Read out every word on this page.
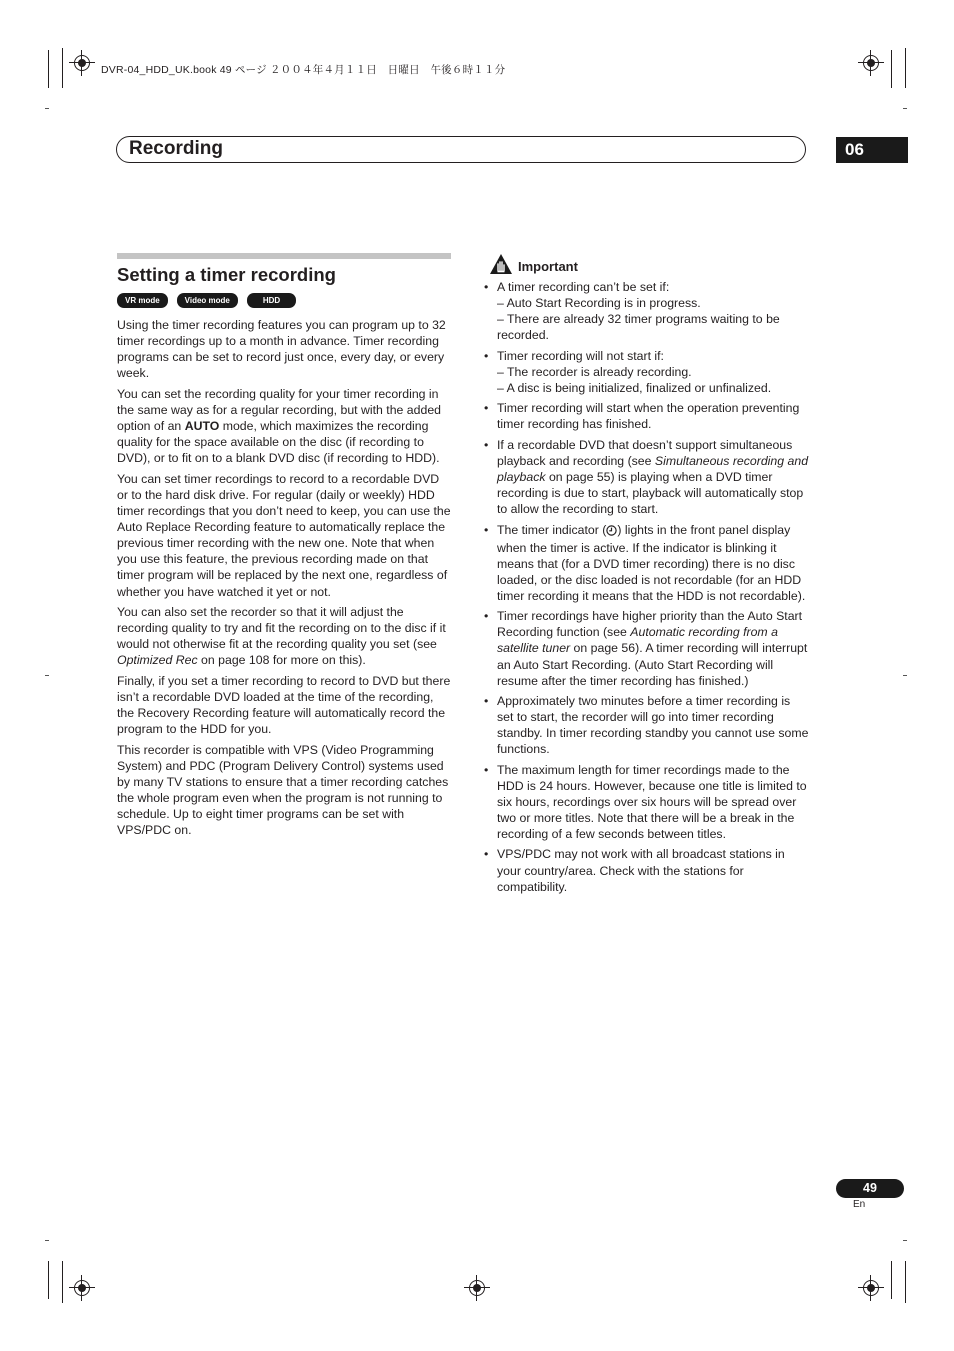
DVR-04_HDD_UK.book 49 ページ ２００４年４月１１日　日曜日　午後６時１１分
Recording	06
Setting a timer recording
VR mode	Video mode	HDD

Using the timer recording features you can program up to 32 timer recordings up to a month in advance. Timer recording programs can be set to record just once, every day, or every week.

You can set the recording quality for your timer recording in the same way as for a regular recording, but with the added option of an AUTO mode, which maximizes the recording quality for the space available on the disc (if recording to DVD), or to fit on to a blank DVD disc (if recording to HDD).

You can set timer recordings to record to a recordable DVD or to the hard disk drive. For regular (daily or weekly) HDD timer recordings that you don’t need to keep, you can use the Auto Replace Recording feature to automatically replace the previous timer recording with the new one. Note that when you use this feature, the previous recording made on that timer program will be replaced by the next one, regardless of whether you have watched it yet or not.

You can also set the recorder so that it will adjust the recording quality to try and fit the recording on to the disc if it would not otherwise fit at the recording quality you set (see Optimized Rec on page 108 for more on this).

Finally, if you set a timer recording to record to DVD but there isn’t a recordable DVD loaded at the time of the recording, the Recovery Recording feature will automatically record the program to the HDD for you.

This recorder is compatible with VPS (Video Programming System) and PDC (Program Delivery Control) systems used by many TV stations to ensure that a timer recording catches the whole program even when the program is not running to schedule. Up to eight timer programs can be set with VPS/PDC on.

Important
• A timer recording can’t be set if:
– Auto Start Recording is in progress.
– There are already 32 timer programs waiting to be recorded.
• Timer recording will not start if:
– The recorder is already recording.
– A disc is being initialized, finalized or unfinalized.
• Timer recording will start when the operation preventing timer recording has finished.
• If a recordable DVD that doesn’t support simultaneous playback and recording (see Simultaneous recording and playback on page 55) is playing when a DVD timer recording is due to start, playback will automatically stop to allow the recording to start.
• The timer indicator ( ) lights in the front panel display when the timer is active. If the indicator is blinking it means that (for a DVD timer recording) there is no disc loaded, or the disc loaded is not recordable (for an HDD timer recording it means that the HDD is not recordable).
• Timer recordings have higher priority than the Auto Start Recording function (see Automatic recording from a satellite tuner on page 56). A timer recording will interrupt an Auto Start Recording. (Auto Start Recording will resume after the timer recording has finished.)
• Approximately two minutes before a timer recording is set to start, the recorder will go into timer recording standby. In timer recording standby you cannot use some functions.
• The maximum length for timer recordings made to the HDD is 24 hours. However, because one title is limited to six hours, recordings over six hours will be spread over two or more titles. Note that there will be a break in the recording of a few seconds between titles.
• VPS/PDC may not work with all broadcast stations in your country/area. Check with the stations for compatibility.
49
En
